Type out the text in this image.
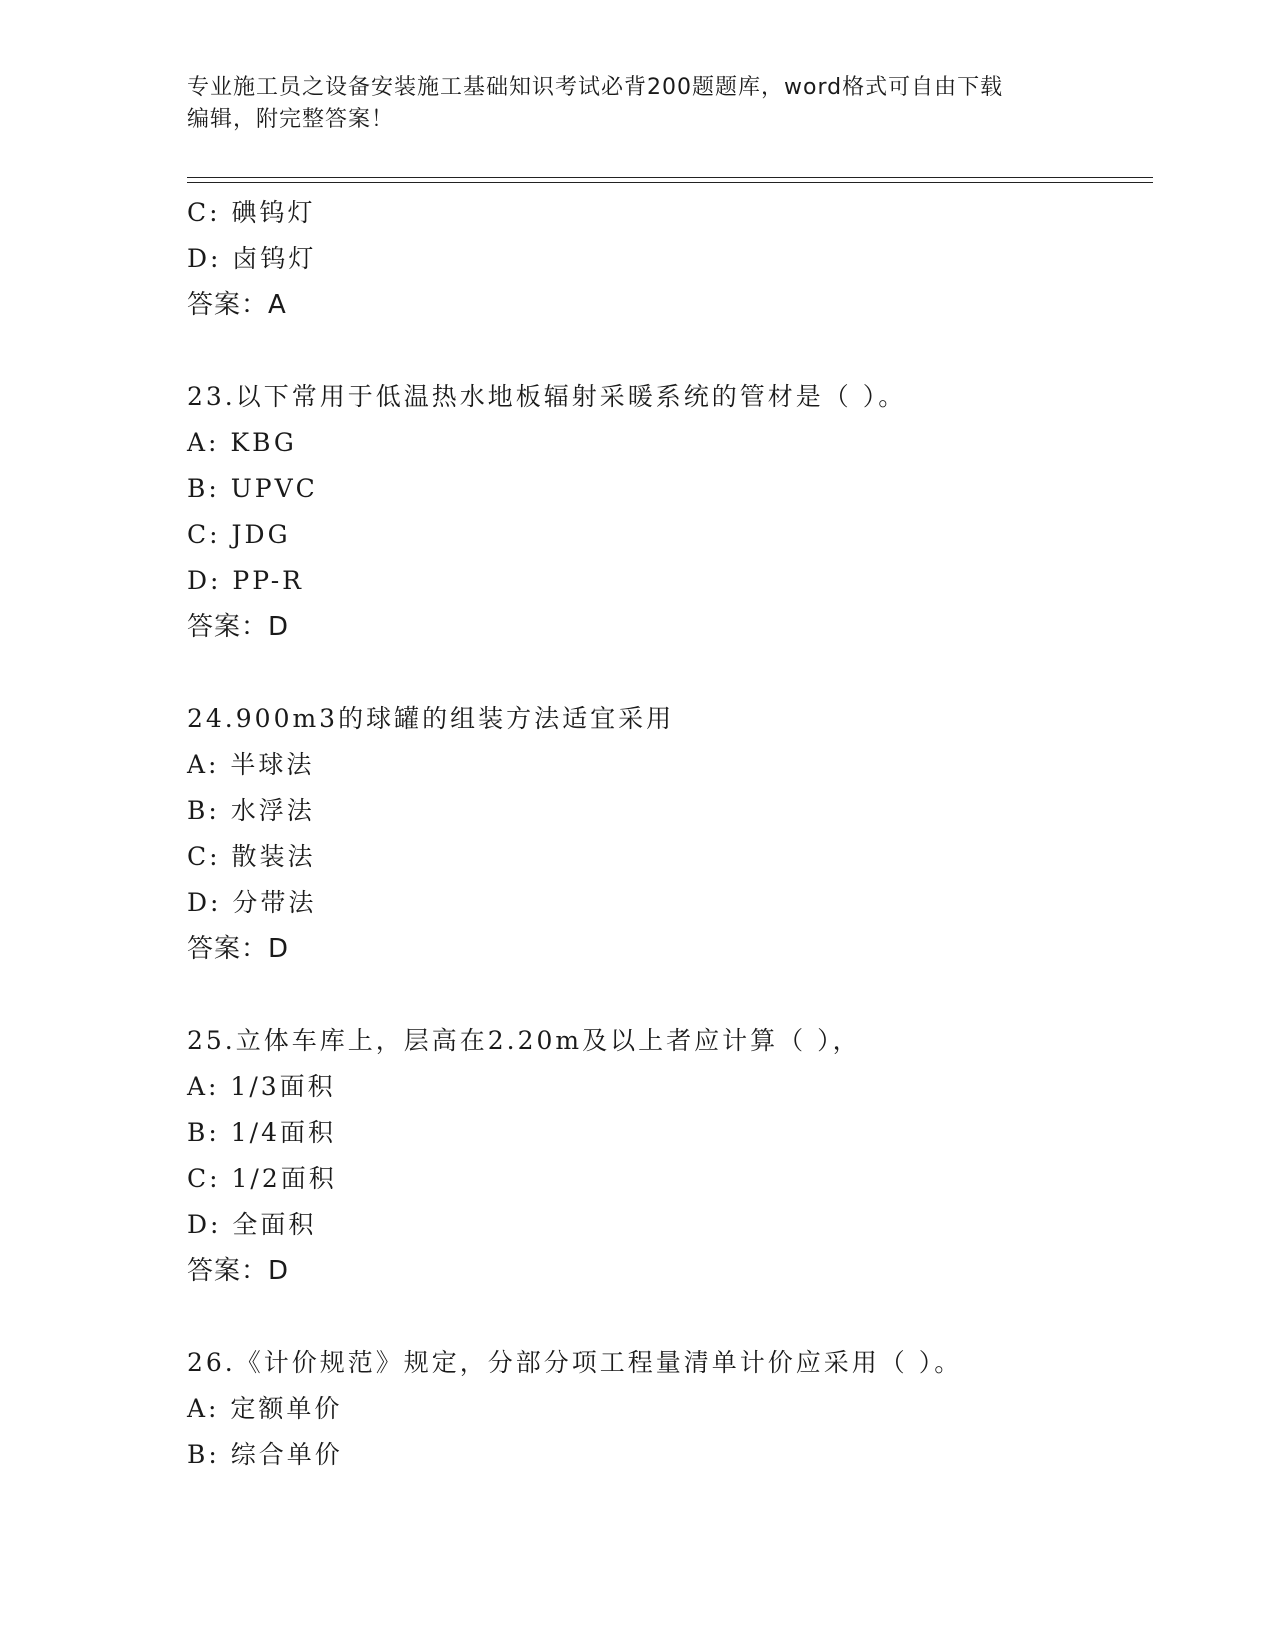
专业施工员之设备安装施工基础知识考试必背200题题库，word格式可自由下载
编辑，附完整答案！
C: 碘钨灯
D: 卤钨灯
答案：A
23.以下常用于低温热水地板辐射采暖系统的管材是（ ）。
A: KBG
B: UPVC
C: JDG
D: PP-R
答案：D
24.900m3的球罐的组装方法适宜采用
A: 半球法
B: 水浮法
C: 散装法
D: 分带法
答案：D
25.立体车库上，层高在2.20m及以上者应计算（ ），
A: 1/3面积
B: 1/4面积
C: 1/2面积
D: 全面积
答案：D
26.《计价规范》规定，分部分项工程量清单计价应采用（ ）。
A: 定额单价
B: 综合单价
